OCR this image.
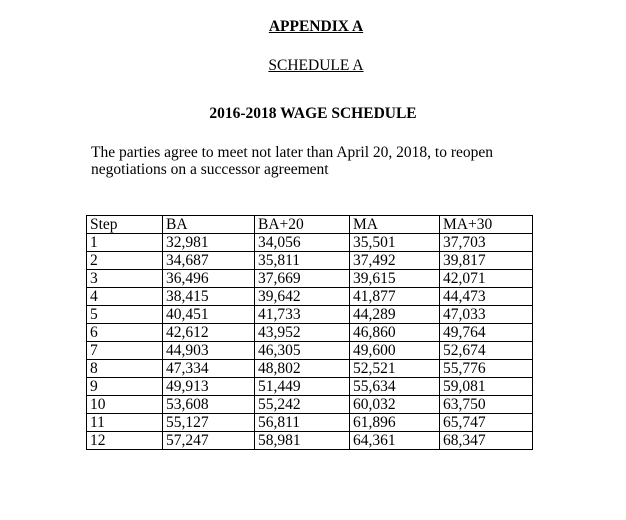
APPENDIX A
SCHEDULE A
2016-2018 WAGE SCHEDULE
The parties agree to meet not later than April 20, 2018, to reopen negotiations on a successor agreement
Step	BA	BA+20	MA	MA+30
1	32,981	34,056	35,501	37,703
2	34,687	35,811	37,492	39,817
3	36,496	37,669	39,615	42,071
4	38,415	39,642	41,877	44,473
5	40,451	41,733	44,289	47,033
6	42,612	43,952	46,860	49,764
7	44,903	46,305	49,600	52,674
8	47,334	48,802	52,521	55,776
9	49,913	51,449	55,634	59,081
10	53,608	55,242	60,032	63,750
11	55,127	56,811	61,896	65,747
12	57,247	58,981	64,361	68,347
